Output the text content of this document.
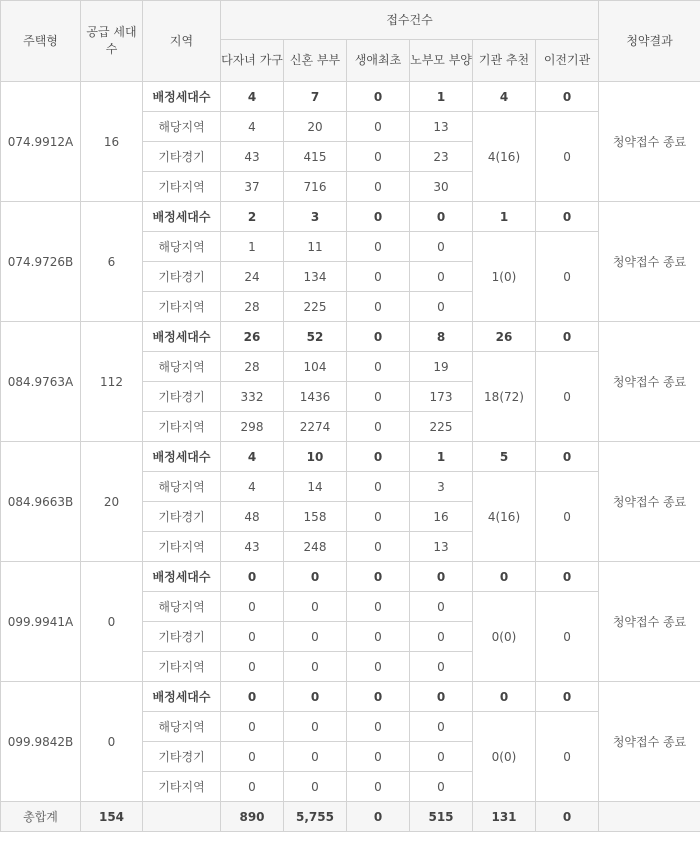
주택형	공급 세대수	지역	접수건수						청약결과
			다자녀 가구	신혼 부부	생애최초	노부모 부양	기관 추천	이전기관	
074.9912A	16	배정세대수	4	7	0	1	4	0	청약접수 종료
		해당지역	4	20	0	13	4(16)	0	
		기타경기	43	415	0	23			
		기타지역	37	716	0	30			
074.9726B	6	배정세대수	2	3	0	0	1	0	청약접수 종료
		해당지역	1	11	0	0	1(0)	0	
		기타경기	24	134	0	0			
		기타지역	28	225	0	0			
084.9763A	112	배정세대수	26	52	0	8	26	0	청약접수 종료
		해당지역	28	104	0	19	18(72)	0	
		기타경기	332	1436	0	173			
		기타지역	298	2274	0	225			
084.9663B	20	배정세대수	4	10	0	1	5	0	청약접수 종료
		해당지역	4	14	0	3	4(16)	0	
		기타경기	48	158	0	16			
		기타지역	43	248	0	13			
099.9941A	0	배정세대수	0	0	0	0	0	0	청약접수 종료
		해당지역	0	0	0	0	0(0)	0	
		기타경기	0	0	0	0			
		기타지역	0	0	0	0			
099.9842B	0	배정세대수	0	0	0	0	0	0	청약접수 종료
		해당지역	0	0	0	0	0(0)	0	
		기타경기	0	0	0	0			
		기타지역	0	0	0	0			
총합계	154		890	5,755	0	515	131	0	
